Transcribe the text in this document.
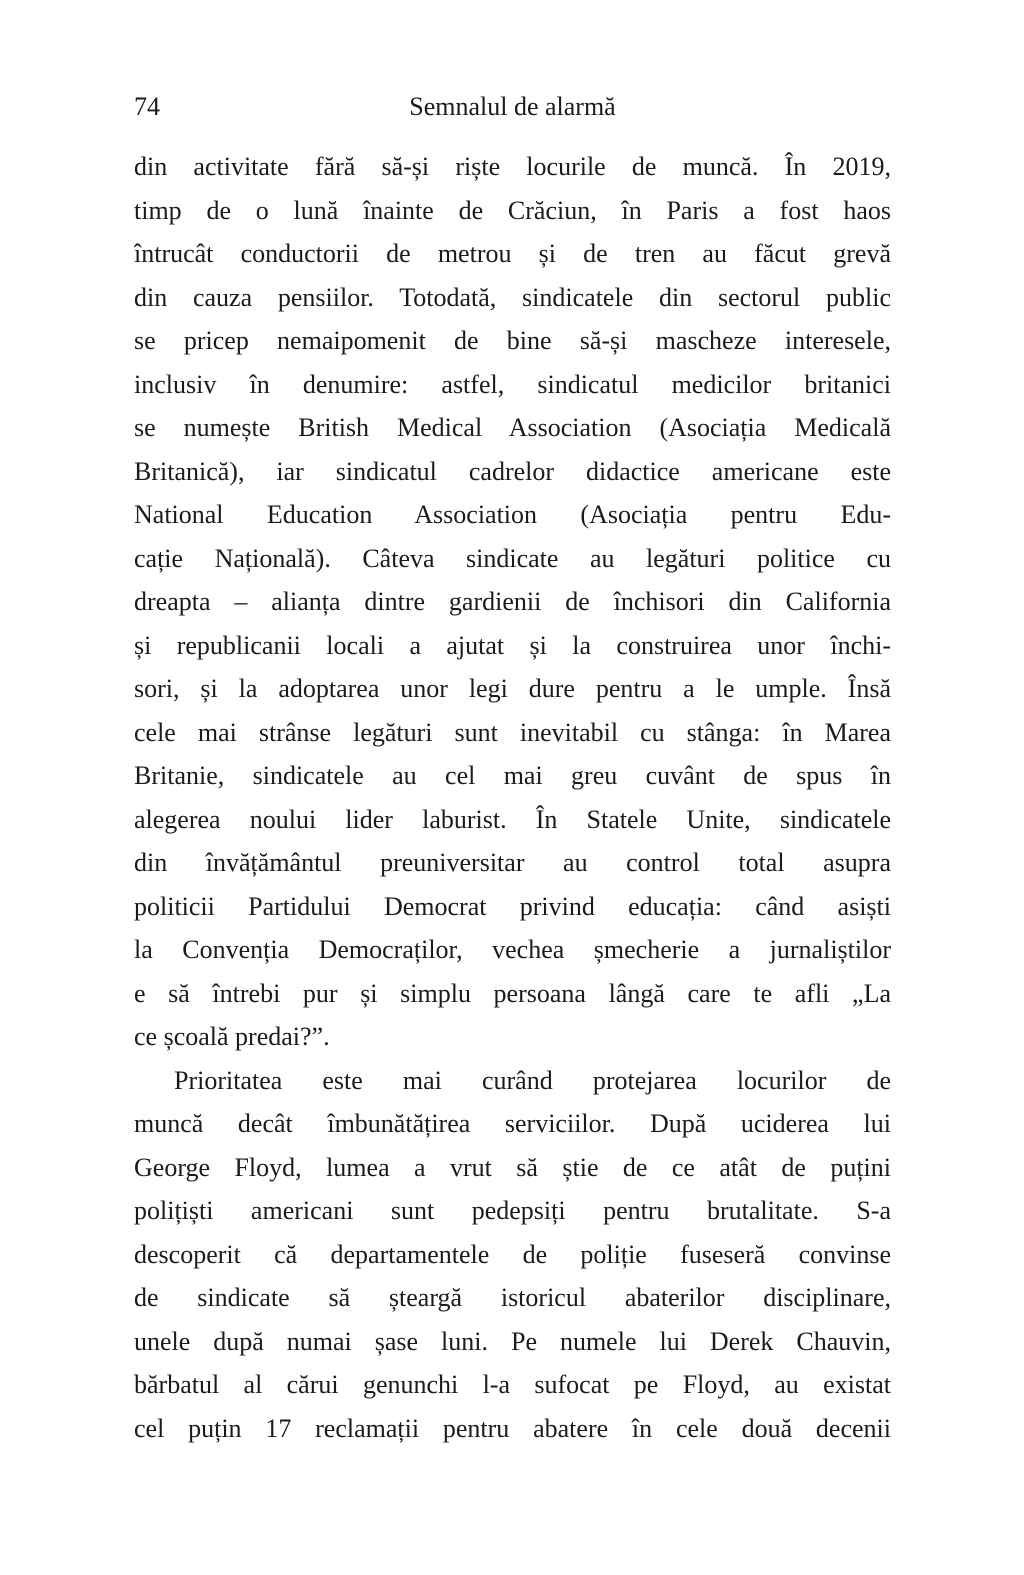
74	Semnalul de alarmă
din activitate fără să-și riște locurile de muncă. În 2019,
timp de o lună înainte de Crăciun, în Paris a fost haos
întrucât conductorii de metrou și de tren au făcut grevă
din cauza pensiilor. Totodată, sindicatele din sectorul public
se pricep nemaipomenit de bine să-și mascheze interesele,
inclusiv în denumire: astfel, sindicatul medicilor britanici
se numește British Medical Association (Asociația Medicală
Britanică), iar sindicatul cadrelor didactice americane este
National Education Association (Asociația pentru Edu-
cație Națională). Câteva sindicate au legături politice cu
dreapta – alianța dintre gardienii de închisori din California
și republicanii locali a ajutat și la construirea unor închi-
sori, și la adoptarea unor legi dure pentru a le umple. Însă
cele mai strânse legături sunt inevitabil cu stânga: în Marea
Britanie, sindicatele au cel mai greu cuvânt de spus în
alegerea noului lider laburist. În Statele Unite, sindicatele
din învățământul preuniversitar au control total asupra
politicii Partidului Democrat privind educația: când asiști
la Convenția Democraților, vechea șmecherie a jurnaliștilor
e să întrebi pur și simplu persoana lângă care te afli „La
ce școală predai?”.
Prioritatea este mai curând protejarea locurilor de
muncă decât îmbunătățirea serviciilor. După uciderea lui
George Floyd, lumea a vrut să știe de ce atât de puțini
polițiști americani sunt pedepsiți pentru brutalitate. S-a
descoperit că departamentele de poliție fuseseră convinse
de sindicate să șteargă istoricul abaterilor disciplinare,
unele după numai șase luni. Pe numele lui Derek Chauvin,
bărbatul al cărui genunchi l-a sufocat pe Floyd, au existat
cel puțin 17 reclamații pentru abatere în cele două decenii
